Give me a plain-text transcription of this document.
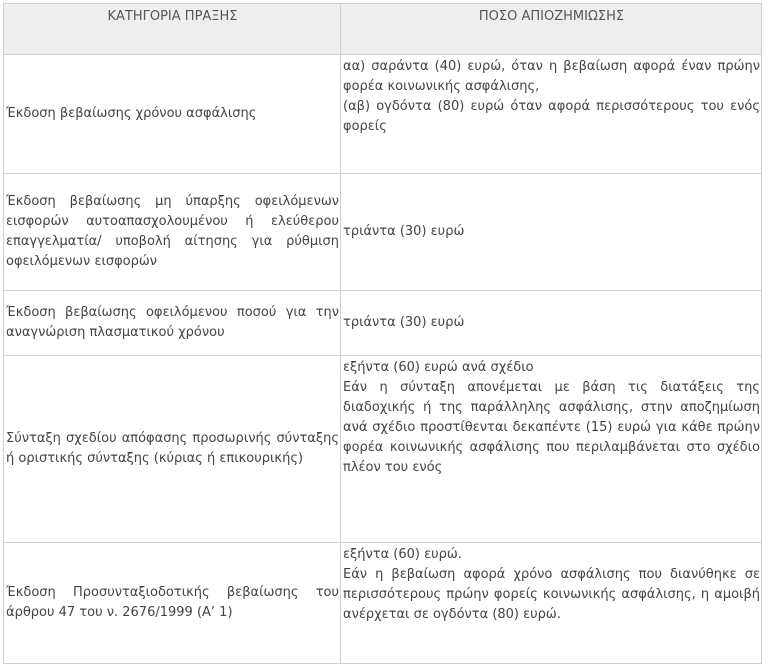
ΚΑΤΗΓΟΡΙΑ ΠΡΑΞΗΣ	ΠΟΣΟ ΑΠΙΟΖΗΜΙΩΣΗΣ
Έκδοση βεβαίωσης χρόνου ασφάλισης	αα) σαράντα (40) ευρώ, όταν η βεβαίωση αφορά έναν πρώην φορέα κοινωνικής ασφάλισης,
(αβ) ογδόντα (80) ευρώ όταν αφορά περισσότερους του ενός φορείς

Έκδοση βεβαίωσης μη ύπαρξης οφειλόμενων εισφορών αυτοαπασχολουμένου ή ελεύθερου επαγγελματία/ υποβολή αίτησης για ρύθμιση οφειλόμενων εισφορών	τριάντα (30) ευρώ

Έκδοση βεβαίωσης οφειλόμενου ποσού για την αναγνώριση πλασματικού χρόνου	τριάντα (30) ευρώ

Σύνταξη σχεδίου απόφασης προσωρινής σύνταξης ή οριστικής σύνταξης (κύριας ή επικουρικής)	εξήντα (60) ευρώ ανά σχέδιο
Εάν η σύνταξη απονέμεται με βάση τις διατάξεις της διαδοχικής ή της παράλληλης ασφάλισης, στην αποζημίωση ανά σχέδιο προστίθενται δεκαπέντε (15) ευρώ για κάθε πρώην φορέα κοινωνικής ασφάλισης που περιλαμβάνεται στο σχέδιο πλέον του ενός

Έκδοση Προσυνταξιοδοτικής βεβαίωσης του άρθρου 47 του ν. 2676/1999 (Α’ 1)	εξήντα (60) ευρώ.
Εάν η βεβαίωση αφορά χρόνο ασφάλισης που διανύθηκε σε περισσότερους πρώην φορείς κοινωνικής ασφάλισης, η αμοιβή ανέρχεται σε ογδόντα (80) ευρώ.
